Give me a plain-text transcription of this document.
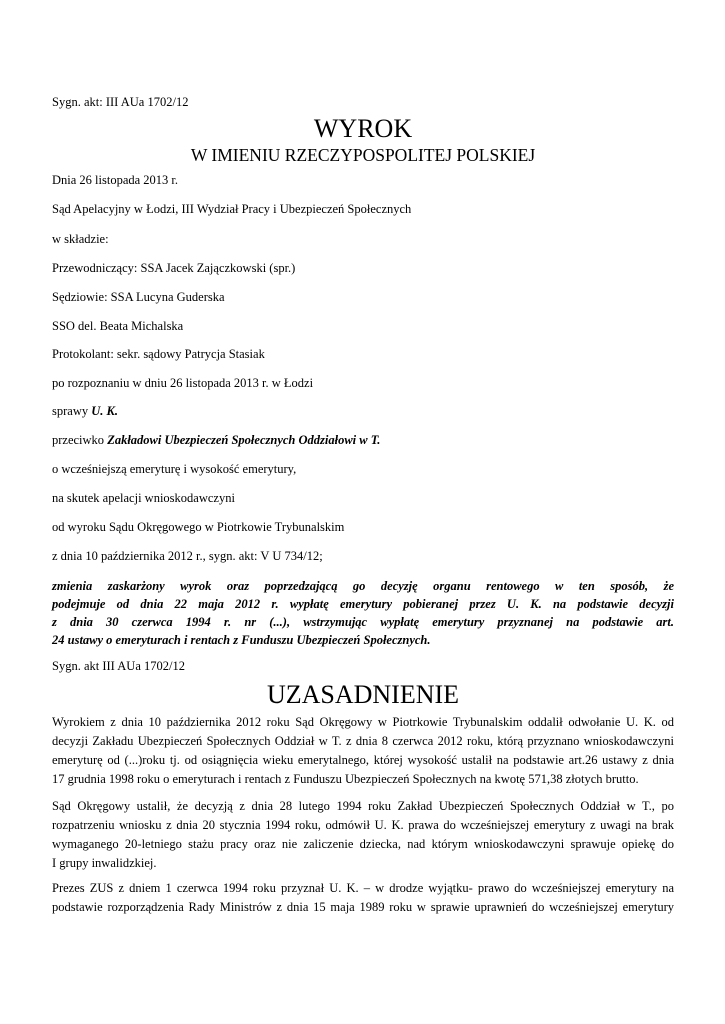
Sygn. akt: III AUa 1702/12
WYROK
W IMIENIU RZECZYPOSPOLITEJ POLSKIEJ
Dnia 26 listopada 2013 r.
Sąd Apelacyjny w Łodzi, III Wydział Pracy i Ubezpieczeń Społecznych
w składzie:
Przewodniczący: SSA Jacek Zajączkowski (spr.)
Sędziowie: SSA Lucyna Guderska
SSO del. Beata Michalska
Protokolant: sekr. sądowy Patrycja Stasiak
po rozpoznaniu w dniu 26 listopada 2013 r. w Łodzi
sprawy U. K.
przeciwko Zakładowi Ubezpieczeń Społecznych Oddziałowi w T.
o wcześniejszą emeryturę i wysokość emerytury,
na skutek apelacji wnioskodawczyni
od wyroku Sądu Okręgowego w Piotrkowie Trybunalskim
z dnia 10 października 2012 r., sygn. akt: V U 734/12;
zmienia zaskarżony wyrok oraz poprzedzającą go decyzję organu rentowego w ten sposób, że
podejmuje od dnia 22 maja 2012 r. wypłatę emerytury pobieranej przez U. K. na podstawie decyzji
z dnia 30 czerwca 1994 r. nr (...), wstrzymując wypłatę emerytury przyznanej na podstawie art.
24 ustawy o emeryturach i rentach z Funduszu Ubezpieczeń Społecznych.
Sygn. akt III AUa 1702/12
UZASADNIENIE
Wyrokiem z dnia 10 października 2012 roku Sąd Okręgowy w Piotrkowie Trybunalskim oddalił odwołanie U. K. od
decyzji Zakładu Ubezpieczeń Społecznych Oddział w T. z dnia 8 czerwca 2012 roku, którą przyznano wnioskodawczyni
emeryturę od (...)roku tj. od osiągnięcia wieku emerytalnego, której wysokość ustalił na podstawie art.26 ustawy z dnia
17 grudnia 1998 roku o emeryturach i rentach z Funduszu Ubezpieczeń Społecznych na kwotę 571,38 złotych brutto.
Sąd Okręgowy ustalił, że decyzją z dnia 28 lutego 1994 roku Zakład Ubezpieczeń Społecznych Oddział w T., po
rozpatrzeniu wniosku z dnia 20 stycznia 1994 roku, odmówił U. K. prawa do wcześniejszej emerytury z uwagi na brak
wymaganego 20-letniego stażu pracy oraz nie zaliczenie dziecka, nad którym wnioskodawczyni sprawuje opiekę do
I grupy inwalidzkiej.
Prezes ZUS z dniem 1 czerwca 1994 roku przyznał U. K. – w drodze wyjątku- prawo do wcześniejszej emerytury na
podstawie rozporządzenia Rady Ministrów z dnia 15 maja 1989 roku w sprawie uprawnień do wcześniejszej emerytury
